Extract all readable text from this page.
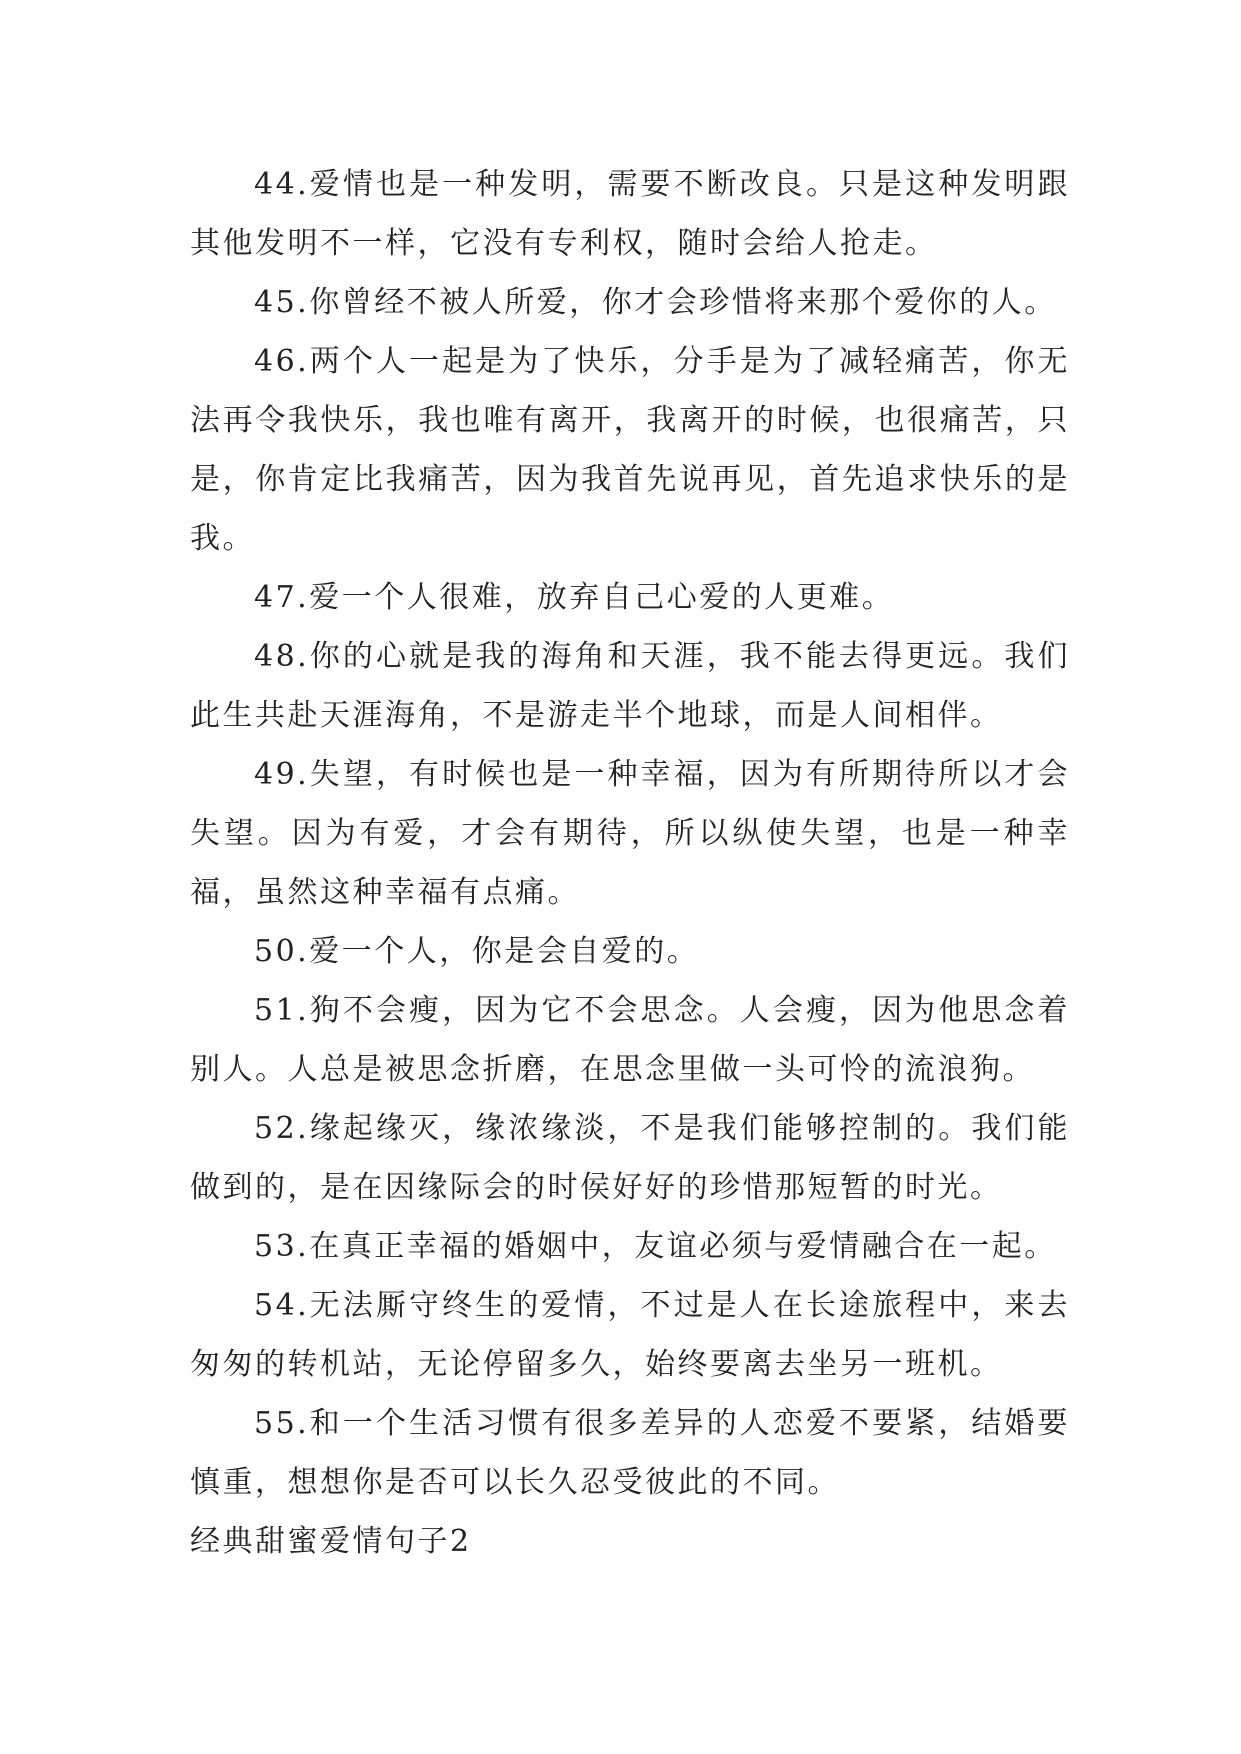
44.爱情也是一种发明，需要不断改良。只是这种发明跟其他发明不一样，它没有专利权，随时会给人抢走。

45.你曾经不被人所爱，你才会珍惜将来那个爱你的人。

46.两个人一起是为了快乐，分手是为了减轻痛苦，你无法再令我快乐，我也唯有离开，我离开的时候，也很痛苦，只是，你肯定比我痛苦，因为我首先说再见，首先追求快乐的是我。

47.爱一个人很难，放弃自己心爱的人更难。

48.你的心就是我的海角和天涯，我不能去得更远。我们此生共赴天涯海角，不是游走半个地球，而是人间相伴。

49.失望，有时候也是一种幸福，因为有所期待所以才会失望。因为有爱，才会有期待，所以纵使失望，也是一种幸福，虽然这种幸福有点痛。

50.爱一个人，你是会自爱的。

51.狗不会瘦，因为它不会思念。人会瘦，因为他思念着别人。人总是被思念折磨，在思念里做一头可怜的流浪狗。

52.缘起缘灭，缘浓缘淡，不是我们能够控制的。我们能做到的，是在因缘际会的时侯好好的珍惜那短暂的时光。

53.在真正幸福的婚姻中，友谊必须与爱情融合在一起。

54.无法厮守终生的爱情，不过是人在长途旅程中，来去匆匆的转机站，无论停留多久，始终要离去坐另一班机。

55.和一个生活习惯有很多差异的人恋爱不要紧，结婚要慎重，想想你是否可以长久忍受彼此的不同。

经典甜蜜爱情句子2
